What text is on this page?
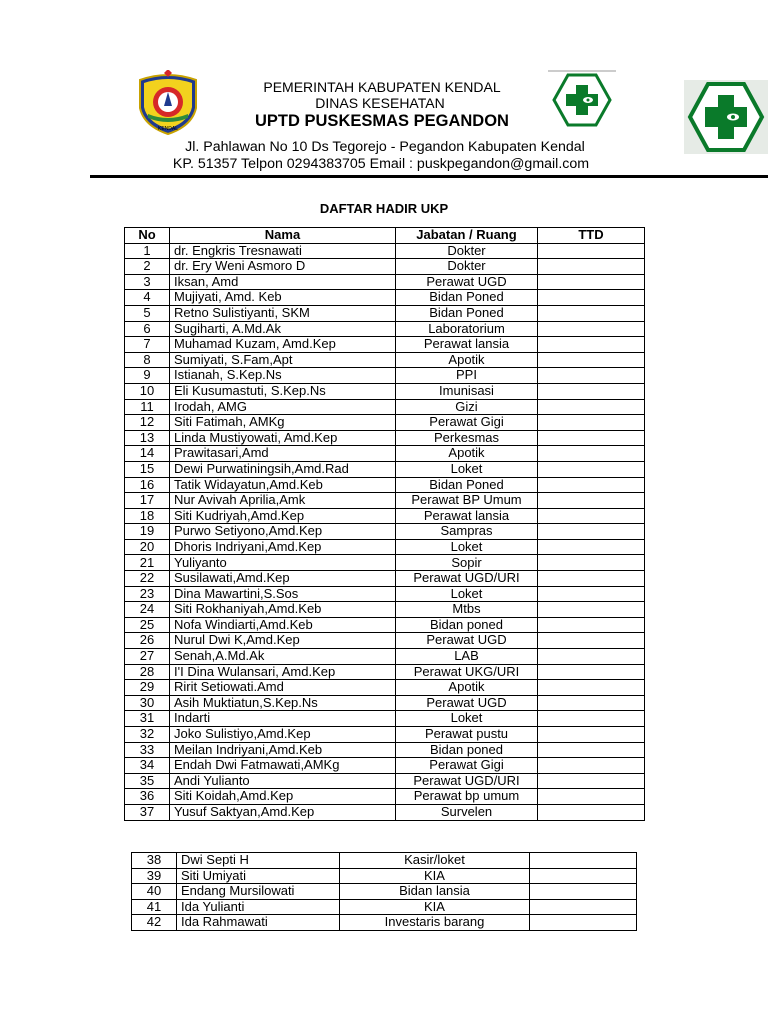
KENDAL
PEMERINTAH KABUPATEN KENDAL
DINAS KESEHATAN
UPTD PUSKESMAS PEGANDON
Jl. Pahlawan No 10 Ds Tegorejo - Pegandon Kabupaten Kendal
KP. 51357 Telpon 0294383705 Email : puskpegandon@gmail.com
DAFTAR HADIR UKP
No	Nama	Jabatan / Ruang	TTD
1	dr. Engkris Tresnawati	Dokter	
2	dr. Ery Weni Asmoro D	Dokter	
3	Iksan, Amd	Perawat UGD	
4	Mujiyati, Amd. Keb	Bidan Poned	
5	Retno Sulistiyanti, SKM	Bidan Poned	
6	Sugiharti, A.Md.Ak	Laboratorium	
7	Muhamad Kuzam, Amd.Kep	Perawat lansia	
8	Sumiyati, S.Fam,Apt	Apotik	
9	Istianah, S.Kep.Ns	PPI	
10	Eli Kusumastuti, S.Kep.Ns	Imunisasi	
11	Irodah, AMG	Gizi	
12	Siti Fatimah, AMKg	Perawat Gigi	
13	Linda Mustiyowati, Amd.Kep	Perkesmas	
14	Prawitasari,Amd	Apotik	
15	Dewi Purwatiningsih,Amd.Rad	Loket	
16	Tatik Widayatun,Amd.Keb	Bidan Poned	
17	Nur Avivah Aprilia,Amk	Perawat BP Umum	
18	Siti Kudriyah,Amd.Kep	Perawat lansia	
19	Purwo Setiyono,Amd.Kep	Sampras	
20	Dhoris Indriyani,Amd.Kep	Loket	
21	Yuliyanto	Sopir	
22	Susilawati,Amd.Kep	Perawat UGD/URI	
23	Dina Mawartini,S.Sos	Loket	
24	Siti Rokhaniyah,Amd.Keb	Mtbs	
25	Nofa Windiarti,Amd.Keb	Bidan poned	
26	Nurul Dwi K,Amd.Kep	Perawat UGD	
27	Senah,A.Md.Ak	LAB	
28	I'I Dina Wulansari, Amd.Kep	Perawat UKG/URI	
29	Ririt Setiowati.Amd	Apotik	
30	Asih Muktiatun,S.Kep.Ns	Perawat UGD	
31	Indarti	Loket	
32	Joko Sulistiyo,Amd.Kep	Perawat pustu	
33	Meilan Indriyani,Amd.Keb	Bidan poned	
34	Endah Dwi Fatmawati,AMKg	Perawat Gigi	
35	Andi Yulianto	Perawat UGD/URI	
36	Siti Koidah,Amd.Kep	Perawat bp umum	
37	Yusuf Saktyan,Amd.Kep	Survelen	
38	Dwi Septi H	Kasir/loket	
39	Siti Umiyati	KIA	
40	Endang Mursilowati	Bidan lansia	
41	Ida Yulianti	KIA	
42	Ida Rahmawati	Investaris barang	
